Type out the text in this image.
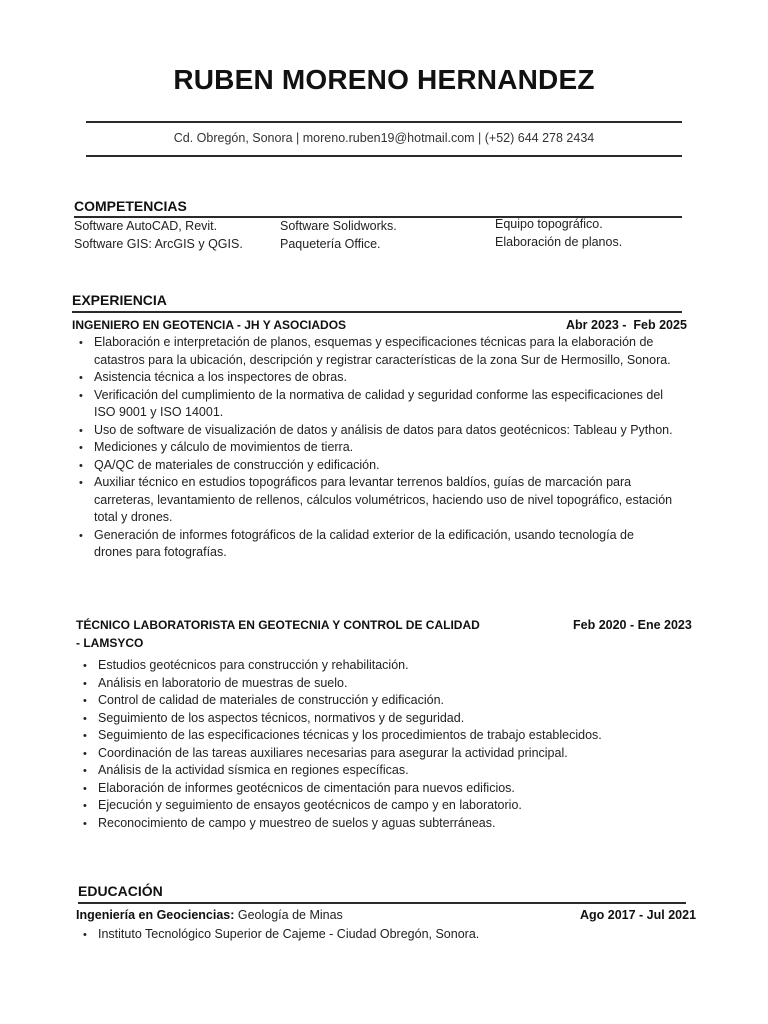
RUBEN MORENO HERNANDEZ
Cd. Obregón, Sonora | moreno.ruben19@hotmail.com | (+52) 644 278 2434
COMPETENCIAS
Software AutoCAD, Revit.
Software GIS: ArcGIS y QGIS.
Software Solidworks.
Paquetería Office.
Equipo topográfico.
Elaboración de planos.
EXPERIENCIA
INGENIERO EN GEOTENCIA - JH Y ASOCIADOS	Abr 2023 -  Feb 2025
• Elaboración e interpretación de planos, esquemas y especificaciones técnicas para la elaboración de catastros para la ubicación, descripción y registrar características de la zona Sur de Hermosillo, Sonora.
• Asistencia técnica a los inspectores de obras.
• Verificación del cumplimiento de la normativa de calidad y seguridad conforme las especificaciones del ISO 9001 y ISO 14001.
• Uso de software de visualización de datos y análisis de datos para datos geotécnicos: Tableau y Python.
• Mediciones y cálculo de movimientos de tierra.
• QA/QC de materiales de construcción y edificación.
• Auxiliar técnico en estudios topográficos para levantar terrenos baldíos, guías de marcación para carreteras, levantamiento de rellenos, cálculos volumétricos, haciendo uso de nivel topográfico, estación total y drones.
• Generación de informes fotográficos de la calidad exterior de la edificación, usando tecnología de drones para fotografías.
TÉCNICO LABORATORISTA EN GEOTECNIA Y CONTROL DE CALIDAD
- LAMSYCO
Feb 2020 - Ene 2023
• Estudios geotécnicos para construcción y rehabilitación.
• Análisis en laboratorio de muestras de suelo.
• Control de calidad de materiales de construcción y edificación.
• Seguimiento de los aspectos técnicos, normativos y de seguridad.
• Seguimiento de las especificaciones técnicas y los procedimientos de trabajo establecidos.
• Coordinación de las tareas auxiliares necesarias para asegurar la actividad principal.
• Análisis de la actividad sísmica en regiones específicas.
• Elaboración de informes geotécnicos de cimentación para nuevos edificios.
• Ejecución y seguimiento de ensayos geotécnicos de campo y en laboratorio.
• Reconocimiento de campo y muestreo de suelos y aguas subterráneas.
EDUCACIÓN
Ingeniería en Geociencias: Geología de Minas	Ago 2017 - Jul 2021
• Instituto Tecnológico Superior de Cajeme - Ciudad Obregón, Sonora.
